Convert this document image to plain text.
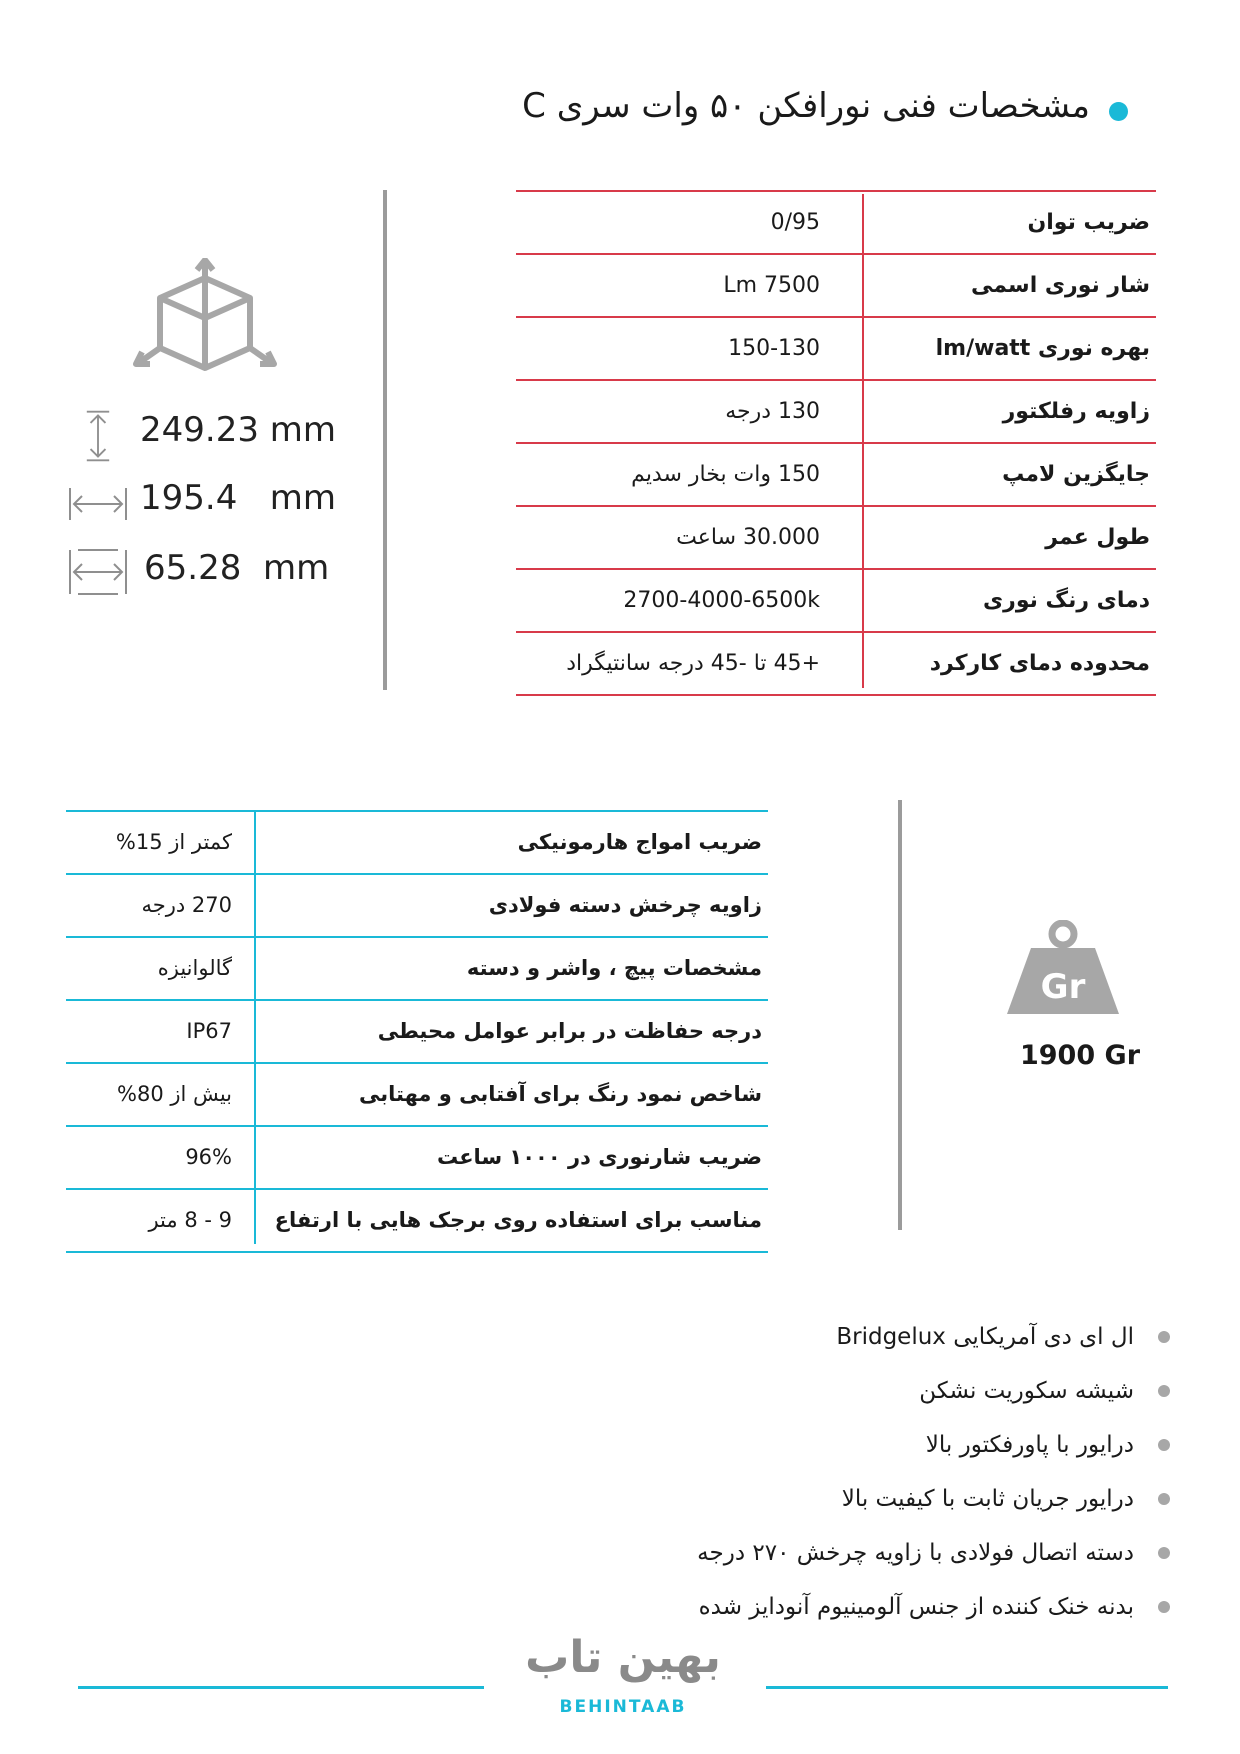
مشخصات فنی نورافکن ۵۰ وات سری C
249.23 mm
195.4   mm
65.28  mm
ضریب توان
0/95
شار نوری اسمی
7500 Lm
بهره نوری lm/watt
150-130
زاویه رفلکتور
130 درجه
جایگزین لامپ
150 وات بخار سدیم
طول عمر
30.000 ساعت
دمای رنگ نوری
2700-4000-6500k
محدوده دمای کارکرد
+45 تا -45 درجه سانتیگراد
ضریب امواج هارمونیکی
کمتر از 15%
زاویه چرخش دسته فولادی
270 درجه
مشخصات پیچ ، واشر و دسته
گالوانیزه
درجه حفاظت در برابر عوامل محیطی
IP67
شاخص نمود رنگ برای آفتابی و مهتابی
بیش از 80%
ضریب شارنوری در ۱۰۰۰ ساعت
96%
مناسب برای استفاده روی برجک هایی با ارتفاع
9 - 8 متر
Gr
1900 Gr
ال ای دی آمریکایی Bridgelux
شیشه سکوریت نشکن
درایور با پاورفکتور بالا
درایور جریان ثابت با کیفیت بالا
دسته اتصال فولادی با زاویه چرخش ۲۷۰ درجه
بدنه خنک کننده از جنس آلومینیوم آنودایز شده
بهین تاب
BEHINTAAB
